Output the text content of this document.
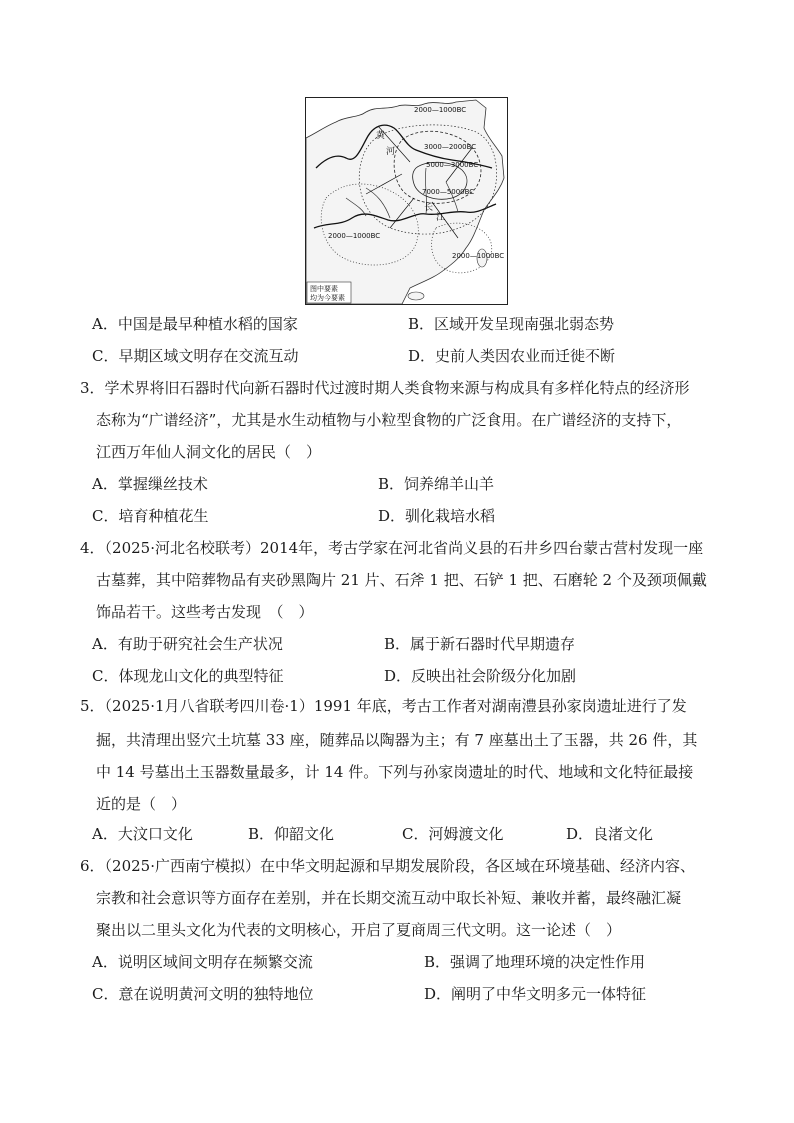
黄
河
长
江
2000—1000BC
3000—2000BC
5000—3000BC
7000—5000BC
2000—1000BC
2000—1000BC
图中要素
均为今要素
A．中国是最早种植水稻的国家	B．区域开发呈现南强北弱态势
C．早期区域文明存在交流互动	D．史前人类因农业而迁徙不断
3．学术界将旧石器时代向新石器时代过渡时期人类食物来源与构成具有多样化特点的经济形
态称为“广谱经济”，尤其是水生动植物与小粒型食物的广泛食用。在广谱经济的支持下，
江西万年仙人洞文化的居民（　）
A．掌握缫丝技术	B．饲养绵羊山羊
C．培育种植花生	D．驯化栽培水稻
4．（2025·河北名校联考）2014年，考古学家在河北省尚义县的石井乡四台蒙古营村发现一座
古墓葬，其中陪葬物品有夹砂黑陶片 21 片、石斧 1 把、石铲 1 把、石磨轮 2 个及颈项佩戴
饰品若干。这些考古发现　（　）
A．有助于研究社会生产状况	B．属于新石器时代早期遗存
C．体现龙山文化的典型特征	D．反映出社会阶级分化加剧
5．（2025·1月八省联考四川卷·1）1991 年底，考古工作者对湖南澧县孙家岗遗址进行了发
掘，共清理出竖穴土坑墓 33 座，随葬品以陶器为主；有 7 座墓出土了玉器，共 26 件，其
中 14 号墓出土玉器数量最多，计 14 件。下列与孙家岗遗址的时代、地域和文化特征最接
近的是（　）
A．大汶口文化	B．仰韶文化	C．河姆渡文化	D．良渚文化
6．（2025·广西南宁模拟）在中华文明起源和早期发展阶段，各区域在环境基础、经济内容、
宗教和社会意识等方面存在差别，并在长期交流互动中取长补短、兼收并蓄，最终融汇凝
聚出以二里头文化为代表的文明核心，开启了夏商周三代文明。这一论述（　）
A．说明区域间文明存在频繁交流	B．强调了地理环境的决定性作用
C．意在说明黄河文明的独特地位	D．阐明了中华文明多元一体特征
